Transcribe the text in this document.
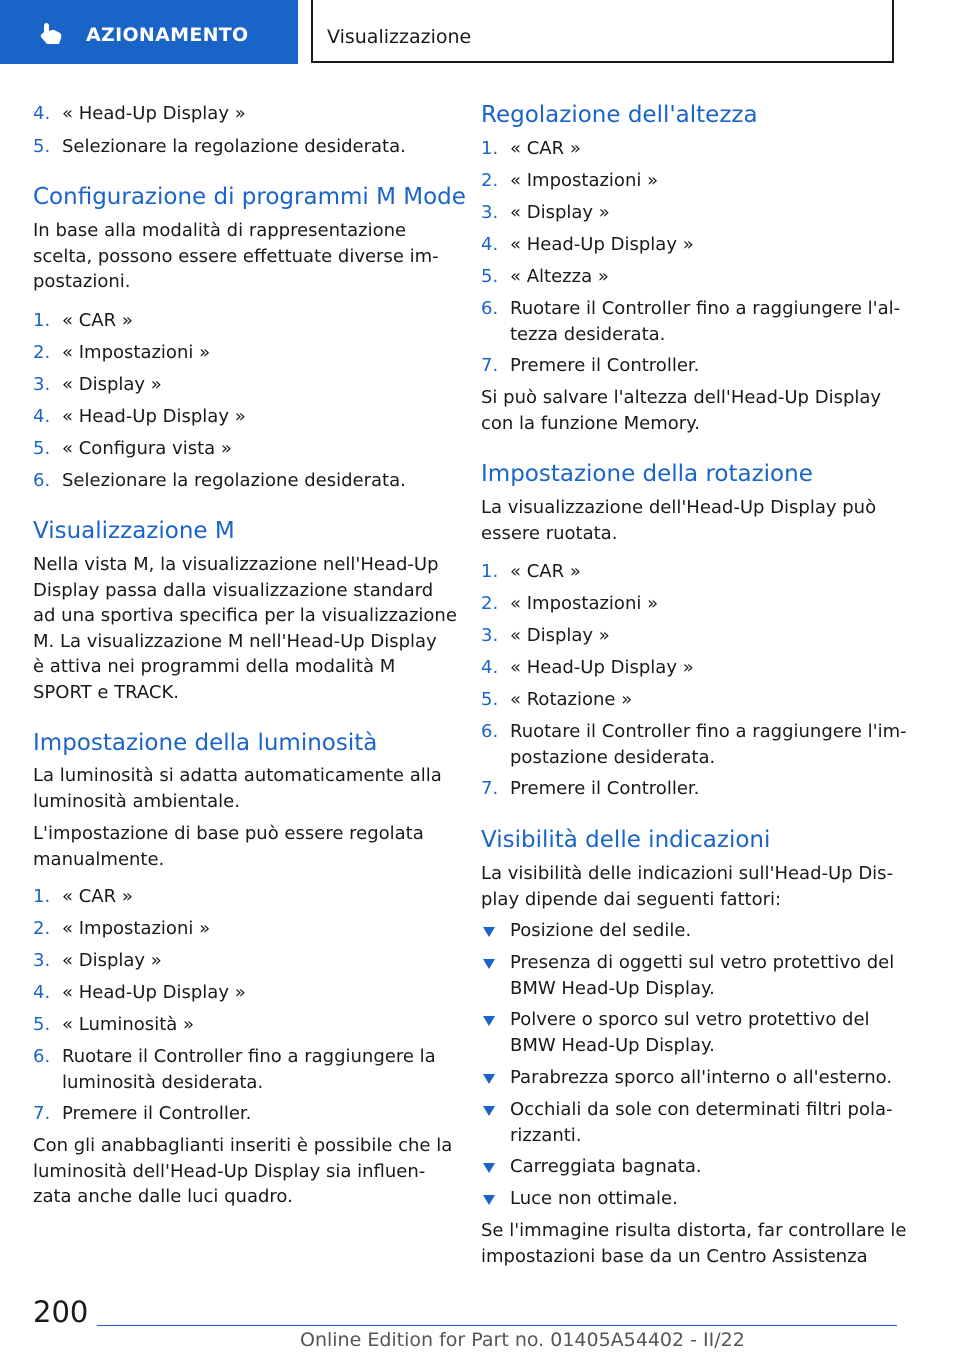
AZIONAMENTO	Visualizzazione
4. « Head-Up Display »
5. Selezionare la regolazione desiderata.
Configurazione di programmi M Mode
In base alla modalità di rappresentazione
scelta, possono essere effettuate diverse im-
postazioni.
1. « CAR »
2. « Impostazioni »
3. « Display »
4. « Head-Up Display »
5. « Configura vista »
6. Selezionare la regolazione desiderata.
Visualizzazione M
Nella vista M, la visualizzazione nell'Head-Up
Display passa dalla visualizzazione standard
ad una sportiva specifica per la visualizzazione
M. La visualizzazione M nell'Head-Up Display
è attiva nei programmi della modalità M
SPORT e TRACK.
Impostazione della luminosità
La luminosità si adatta automaticamente alla
luminosità ambientale.
L'impostazione di base può essere regolata
manualmente.
1. « CAR »
2. « Impostazioni »
3. « Display »
4. « Head-Up Display »
5. « Luminosità »
6. Ruotare il Controller fino a raggiungere la
luminosità desiderata.
7. Premere il Controller.
Con gli anabbaglianti inseriti è possibile che la
luminosità dell'Head-Up Display sia influen-
zata anche dalle luci quadro.
Regolazione dell'altezza
1. « CAR »
2. « Impostazioni »
3. « Display »
4. « Head-Up Display »
5. « Altezza »
6. Ruotare il Controller fino a raggiungere l'al-
tezza desiderata.
7. Premere il Controller.
Si può salvare l'altezza dell'Head-Up Display
con la funzione Memory.
Impostazione della rotazione
La visualizzazione dell'Head-Up Display può
essere ruotata.
1. « CAR »
2. « Impostazioni »
3. « Display »
4. « Head-Up Display »
5. « Rotazione »
6. Ruotare il Controller fino a raggiungere l'im-
postazione desiderata.
7. Premere il Controller.
Visibilità delle indicazioni
La visibilità delle indicazioni sull'Head-Up Dis-
play dipende dai seguenti fattori:
Posizione del sedile.
Presenza di oggetti sul vetro protettivo del
BMW Head-Up Display.
Polvere o sporco sul vetro protettivo del
BMW Head-Up Display.
Parabrezza sporco all'interno o all'esterno.
Occhiali da sole con determinati filtri pola-
rizzanti.
Carreggiata bagnata.
Luce non ottimale.
Se l'immagine risulta distorta, far controllare le
impostazioni base da un Centro Assistenza
200
Online Edition for Part no. 01405A54402 - II/22
